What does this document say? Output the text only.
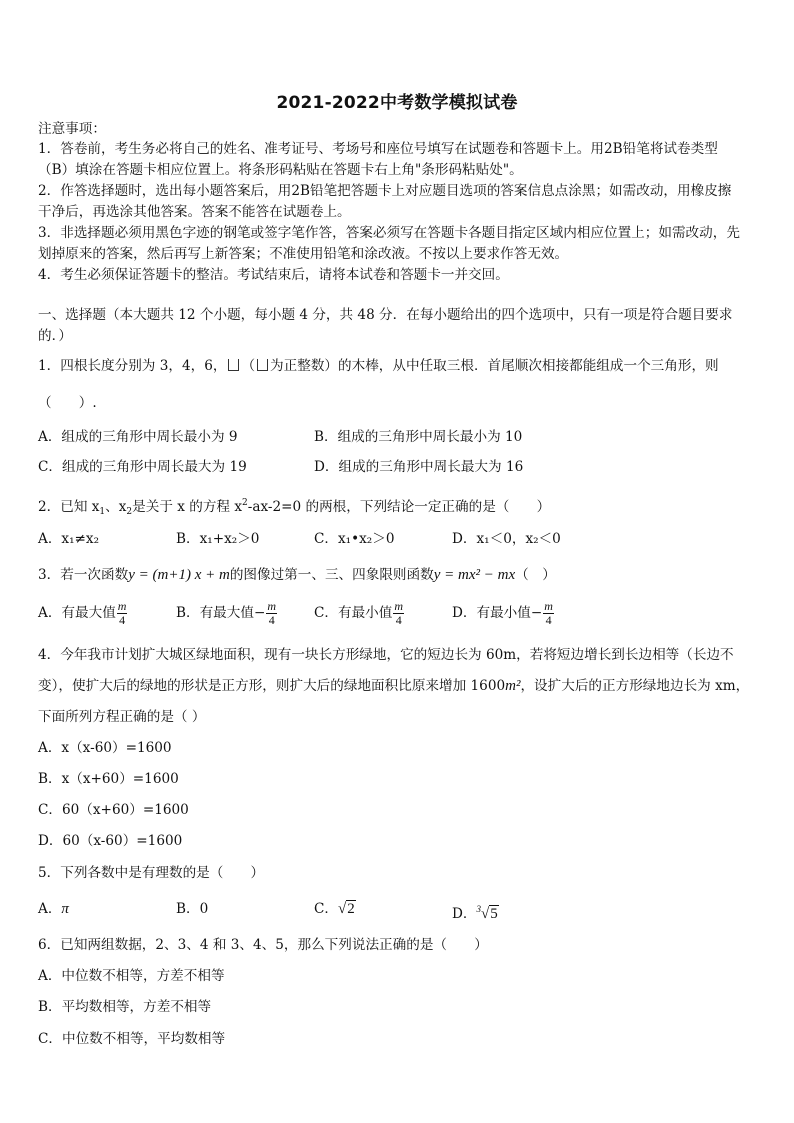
2021-2022中考数学模拟试卷
注意事项：
1．答卷前，考生务必将自己的姓名、准考证号、考场号和座位号填写在试题卷和答题卡上。用2B铅笔将试卷类型
（B）填涂在答题卡相应位置上。将条形码粘贴在答题卡右上角"条形码粘贴处"。
2．作答选择题时，选出每小题答案后，用2B铅笔把答题卡上对应题目选项的答案信息点涂黑；如需改动，用橡皮擦
干净后，再选涂其他答案。答案不能答在试题卷上。
3．非选择题必须用黑色字迹的钢笔或签字笔作答，答案必须写在答题卡各题目指定区域内相应位置上；如需改动，先
划掉原来的答案，然后再写上新答案；不准使用铅笔和涂改液。不按以上要求作答无效。
4．考生必须保证答题卡的整洁。考试结束后，请将本试卷和答题卡一并交回。
一、选择题（本大题共 12 个小题，每小题 4 分，共 48 分．在每小题给出的四个选项中，只有一项是符合题目要求
的．）
1．四根长度分别为 3，4，6， （ 为正整数）的木棒，从中任取三根．首尾顺次相接都能组成一个三角形，则
（　　）.
A．组成的三角形中周长最小为 9	B．组成的三角形中周长最小为 10
C．组成的三角形中周长最大为 19	D．组成的三角形中周长最大为 16
2．已知 $x_1$、$x_2$是关于 x 的方程 $x^2-ax-2=0$ 的两根，下列结论一定正确的是（　　）
A．x₁≠x₂	B．x₁+x₂＞0	C．x₁•x₂＞0	D．x₁＜0，x₂＜0
3．若一次函数y = (m+1) x + m的图像过第一、三、四象限则函数y = mx² − mx（　）
A．有最大值 $\frac{m}{4}$	B．有最大值− $\frac{m}{4}$	C．有最小值 $\frac{m}{4}$	D．有最小值− $\frac{m}{4}$
4．今年我市计划扩大城区绿地面积，现有一块长方形绿地，它的短边长为 60m，若将短边增长到长边相等（长边不
变），使扩大后的绿地的形状是正方形，则扩大后的绿地面积比原来增加 1600m²，设扩大后的正方形绿地边长为 xm，
下面所列方程正确的是（ ）
A．x（x-60）=1600
B．x（x+60）=1600
C．60（x+60）=1600
D．60（x-60）=1600
5．下列各数中是有理数的是（　　）
A．π	B．0	C．√2	D．$^3$√5
6．已知两组数据，2、3、4 和 3、4、5，那么下列说法正确的是（　　）
A．中位数不相等，方差不相等
B．平均数相等，方差不相等
C．中位数不相等，平均数相等
